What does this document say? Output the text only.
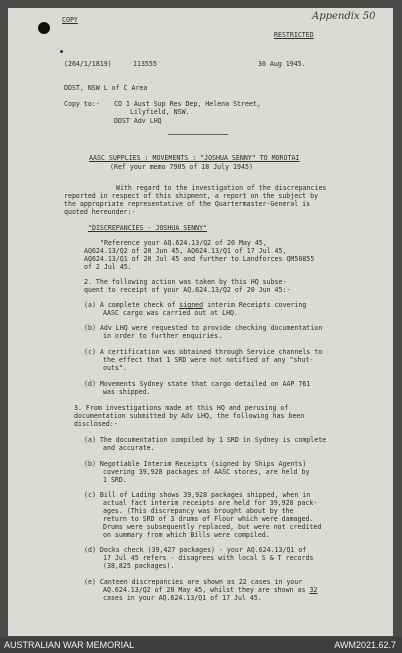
COPY
RESTRICTED
Appendix 50
(264/1/1819)	113555	30 Aug 1945.
DDST, NSW L of C Area
Copy to:- CO 1 Aust Sup Res Dep, Helena Street,
Lilyfield, NSW.
DDST Adv LHQ
AASC SUPPLIES : MOVEMENTS : "JOSHUA SENNY" TO MOROTAI
(Ref your memo 7905 of 18 July 1945)
With regard to the investigation of the discrepancies
reported in respect of this shipment, a report on the subject by
the appropriate representative of the Quartermaster-General is
quoted hereunder:-
"DISCREPANCIES - JOSHUA SENNY"
"Reference your AQ.624.13/Q2 of 20 May 45,
AQ624.13/Q2 of 20 Jun 45, AQ624.13/Q1 of 17 Jul 45,
AQ624.13/Q1 of 20 Jul 45 and further to Landforces QM50855
of 2 Jul 45.
2. The following action was taken by this HQ subse-
quent to receipt of your AQ.624.13/Q2 of 20 Jun 45:-
(a) A complete check of signed interim Receipts covering
AASC cargo was carried out at LHQ.
(b) Adv LHQ were requested to provide checking documentation
in order to further enquiries.
(c) A certification was obtained through Service channels to
the effect that 1 SRD were not notified of any "shut-
outs".
(d) Movements Sydney state that cargo detailed on AAP 761
was shipped.
3. From investigations made at this HQ and perusing of
documentation submitted by Adv LHQ, the following has been
disclosed:-
(a) The documentation compiled by 1 SRD in Sydney is complete
and accurate.
(b) Negotiable Interim Receipts (signed by Ships Agents)
covering 39,928 packages of AASC stores, are held by
1 SRD.
(c) Bill of Lading shows 39,928 packages shipped, when in
actual fact interim receipts are held for 39,928 pack-
ages. (This discrepancy was brought about by the
return to SRD of 3 drums of Flour which were damaged.
Drums were subsequently replaced, but were not credited
on summary from which Bills were compiled.
(d) Docks check (39,427 packages) - your AQ.624.13/Q1 of
17 Jul 45 refers - disagrees with local S & T records
(38,825 packages).
(e) Canteen discrepancies are shown as 22 cases in your
AQ.624.13/Q2 of 20 May 45, whilst they are shown as 32
cases in your AQ.624.13/Q1 of 17 Jul 45.
AUSTRALIAN WAR MEMORIAL	AWM2021.62.7
